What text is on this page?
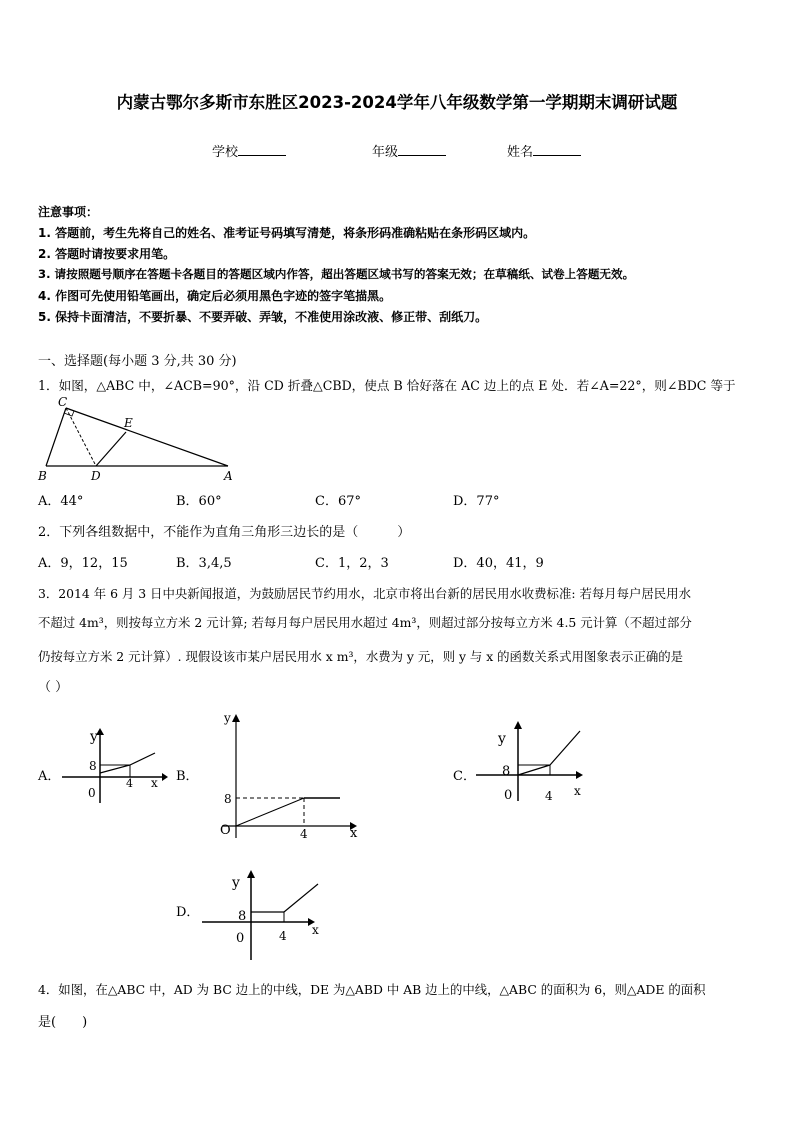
内蒙古鄂尔多斯市东胜区2023-2024学年八年级数学第一学期期末调研试题
学校	年级	姓名
注意事项：
1. 答题前，考生先将自己的姓名、准考证号码填写清楚，将条形码准确粘贴在条形码区域内。
2. 答题时请按要求用笔。
3. 请按照题号顺序在答题卡各题目的答题区域内作答，超出答题区域书写的答案无效；在草稿纸、试卷上答题无效。
4. 作图可先使用铅笔画出，确定后必须用黑色字迹的签字笔描黑。
5. 保持卡面清洁，不要折暴、不要弄破、弄皱，不准使用涂改液、修正带、刮纸刀。
一、选择题(每小题 3 分,共 30 分)
1．如图，△ABC 中，∠ACB=90°，沿 CD 折叠△CBD，使点 B 恰好落在 AC 边上的点 E 处．若∠A=22°，则∠BDC 等于
C
E
B	D	A
A．44°	B．60°	C．67°	D．77°
2．下列各组数据中，不能作为直角三角形三边长的是（　　　）
A．9，12，15	B．3,4,5	C．1，2，3	D．40，41，9
3．2014 年 6 月 3 日中央新闻报道，为鼓励居民节约用水，北京市将出台新的居民用水收费标准: 若每月每户居民用水
不超过 4m³，则按每立方米 2 元计算; 若每月每户居民用水超过 4m³，则超过部分按每立方米 4.5 元计算（不超过部分
仍按每立方米 2 元计算）. 现假设该市某户居民用水 x m³，水费为 y 元，则 y 与 x 的函数关系式用图象表示正确的是
（ ）
A．
y
x
8
4
0
B．
y
x
8
4
O
C．
y
x
8
4
0
D．
y
x
8
4
0
4．如图，在△ABC 中，AD 为 BC 边上的中线，DE 为△ABD 中 AB 边上的中线，△ABC 的面积为 6，则△ADE 的面积
是(　　)
